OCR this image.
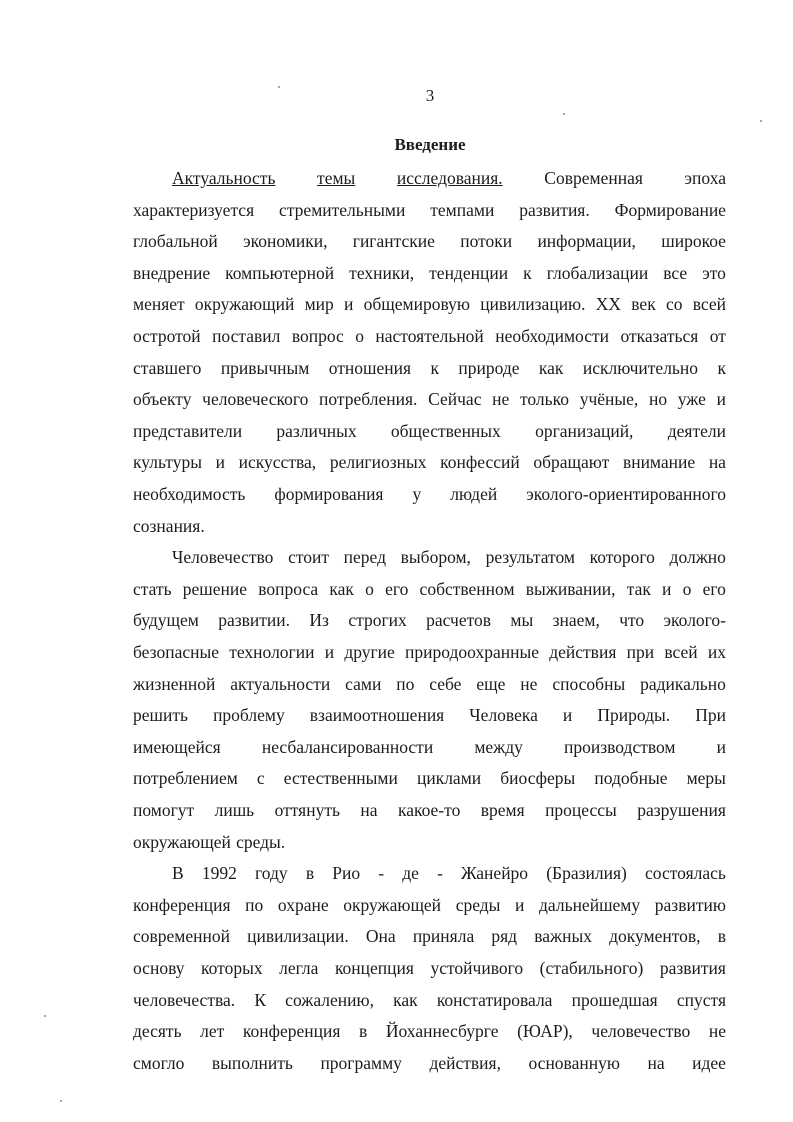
3
Введение
Актуальность темы исследования. Современная эпоха
характеризуется стремительными темпами развития. Формирование
глобальной экономики, гигантские потоки информации, широкое
внедрение компьютерной техники, тенденции к глобализации все это
меняет окружающий мир и общемировую цивилизацию. XX век со всей
остротой поставил вопрос о настоятельной необходимости отказаться от
ставшего привычным отношения к природе как исключительно к
объекту человеческого потребления. Сейчас не только учёные, но уже и
представители различных общественных организаций, деятели
культуры и искусства, религиозных конфессий обращают внимание на
необходимость формирования у людей эколого-ориентированного
сознания.
Человечество стоит перед выбором, результатом которого должно
стать решение вопроса как о его собственном выживании, так и о его
будущем развитии. Из строгих расчетов мы знаем, что эколого-
безопасные технологии и другие природоохранные действия при всей их
жизненной актуальности сами по себе еще не способны радикально
решить проблему взаимоотношения Человека и Природы. При
имеющейся несбалансированности между производством и
потреблением с естественными циклами биосферы подобные меры
помогут лишь оттянуть на какое-то время процессы разрушения
окружающей среды.
В 1992 году в Рио - де - Жанейро (Бразилия) состоялась
конференция по охране окружающей среды и дальнейшему развитию
современной цивилизации. Она приняла ряд важных документов, в
основу которых легла концепция устойчивого (стабильного) развития
человечества. К сожалению, как констатировала прошедшая спустя
десять лет конференция в Йоханнесбурге (ЮАР), человечество не
смогло выполнить программу действия, основанную на идее
